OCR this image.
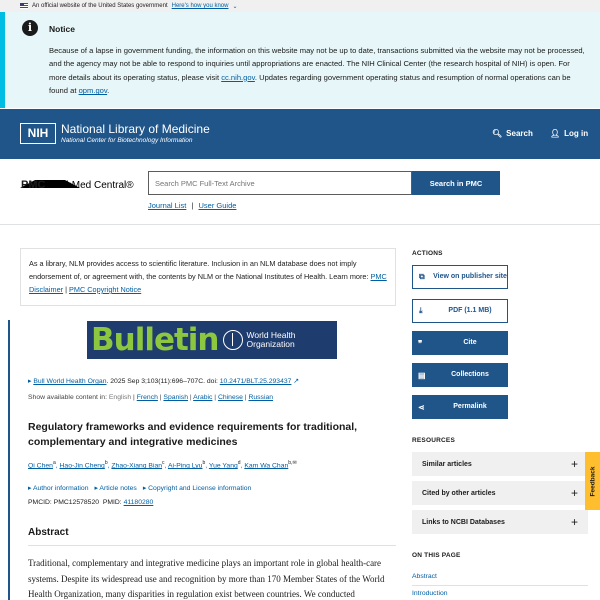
An official website of the United States government Here's how you know ⌄
i	Notice
Because of a lapse in government funding, the information on this website may not be up to date, transactions submitted via the website may not be processed, and the agency may not be able to respond to inquiries until appropriations are enacted. The NIH Clinical Center (the research hospital of NIH) is open. For more details about its operating status, please visit cc.nih.gov. Updates regarding government operating status and resumption of normal operations can be found at opm.gov.
NIH	National Library of Medicine
National Center for Biotechnology Information
🔍︎ Search 👤︎ Log in
PMC PubMed Central®
Search PMC Full-Text Archive	Search in PMC
Journal List | User Guide
As a library, NLM provides access to scientific literature. Inclusion in an NLM database does not imply endorsement of, or agreement with, the contents by NLM or the National Institutes of Health. Learn more: PMC Disclaimer | PMC Copyright Notice
Bulletin	World Health
Organization
▸ Bull World Health Organ. 2025 Sep 3;103(11):696–707C. doi: 10.2471/BLT.25.293437 ↗
Show available content in: English | French | Spanish | Arabic | Chinese | Russian
Regulatory frameworks and evidence requirements for traditional, complementary and integrative medicines
Qi Chen$^a$, Hao-Jin Cheng$^b$, Zhao-Xiang Bian$^c$, Ai-Ping Lyu$^b$, Yue Yang$^d$, Kam Wa Chan$^{b,✉}$
▸ Author information ▸ Article notes ▸ Copyright and License information
PMCID: PMC12578520 PMID: 41180280
Abstract

Traditional, complementary and integrative medicine plays an important role in global health-care systems. Despite its widespread use and recognition by more than 170 Member States of the World Health Organization, many disparities in regulation exist between countries. We conducted

ACTIONS
⧉	View on publisher site
⤓	PDF (1.1 MB)
❞	Cite
▤	Collections
⋖	Permalink
RESOURCES
Similar articles	+
Cited by other articles	+
Links to NCBI Databases	+
ON THIS PAGE
Abstract
Introduction
Feedback
